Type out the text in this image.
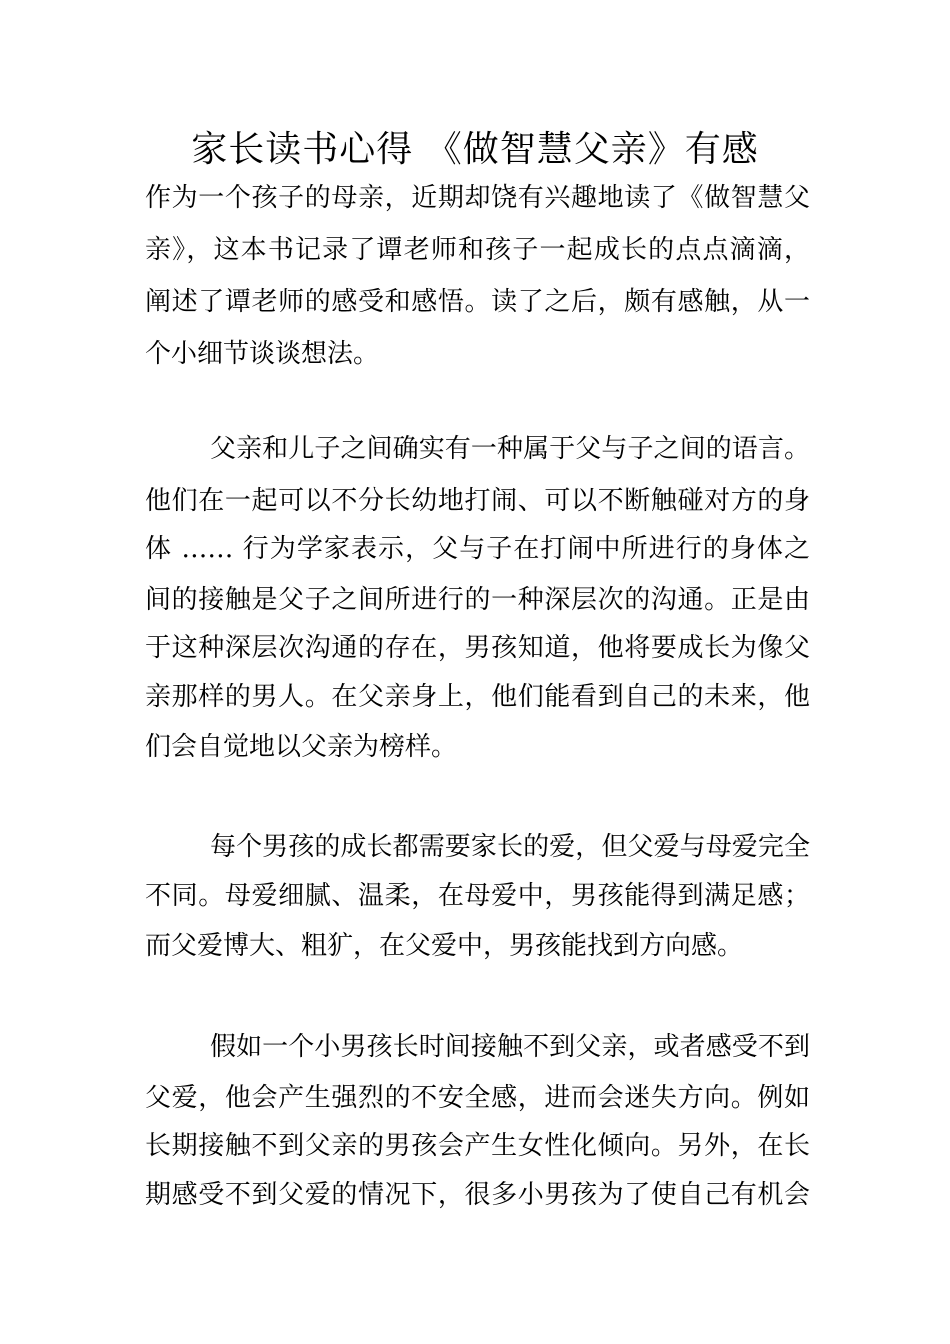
家长读书心得 《做智慧父亲》有感
作为一个孩子的母亲，近期却饶有兴趣地读了《做智慧父
亲》，这本书记录了谭老师和孩子一起成长的点点滴滴，
阐述了谭老师的感受和感悟。读了之后，颇有感触，从一
个小细节谈谈想法。
父亲和儿子之间确实有一种属于父与子之间的语言。
他们在一起可以不分长幼地打闹、可以不断触碰对方的身
体 …… 行为学家表示，父与子在打闹中所进行的身体之
间的接触是父子之间所进行的一种深层次的沟通。正是由
于这种深层次沟通的存在，男孩知道，他将要成长为像父
亲那样的男人。在父亲身上，他们能看到自己的未来，他
们会自觉地以父亲为榜样。
每个男孩的成长都需要家长的爱，但父爱与母爱完全
不同。母爱细腻、温柔，在母爱中，男孩能得到满足感；
而父爱博大、粗犷，在父爱中，男孩能找到方向感。
假如一个小男孩长时间接触不到父亲，或者感受不到
父爱，他会产生强烈的不安全感，进而会迷失方向。例如
长期接触不到父亲的男孩会产生女性化倾向。另外，在长
期感受不到父爱的情况下，很多小男孩为了使自己有机会
